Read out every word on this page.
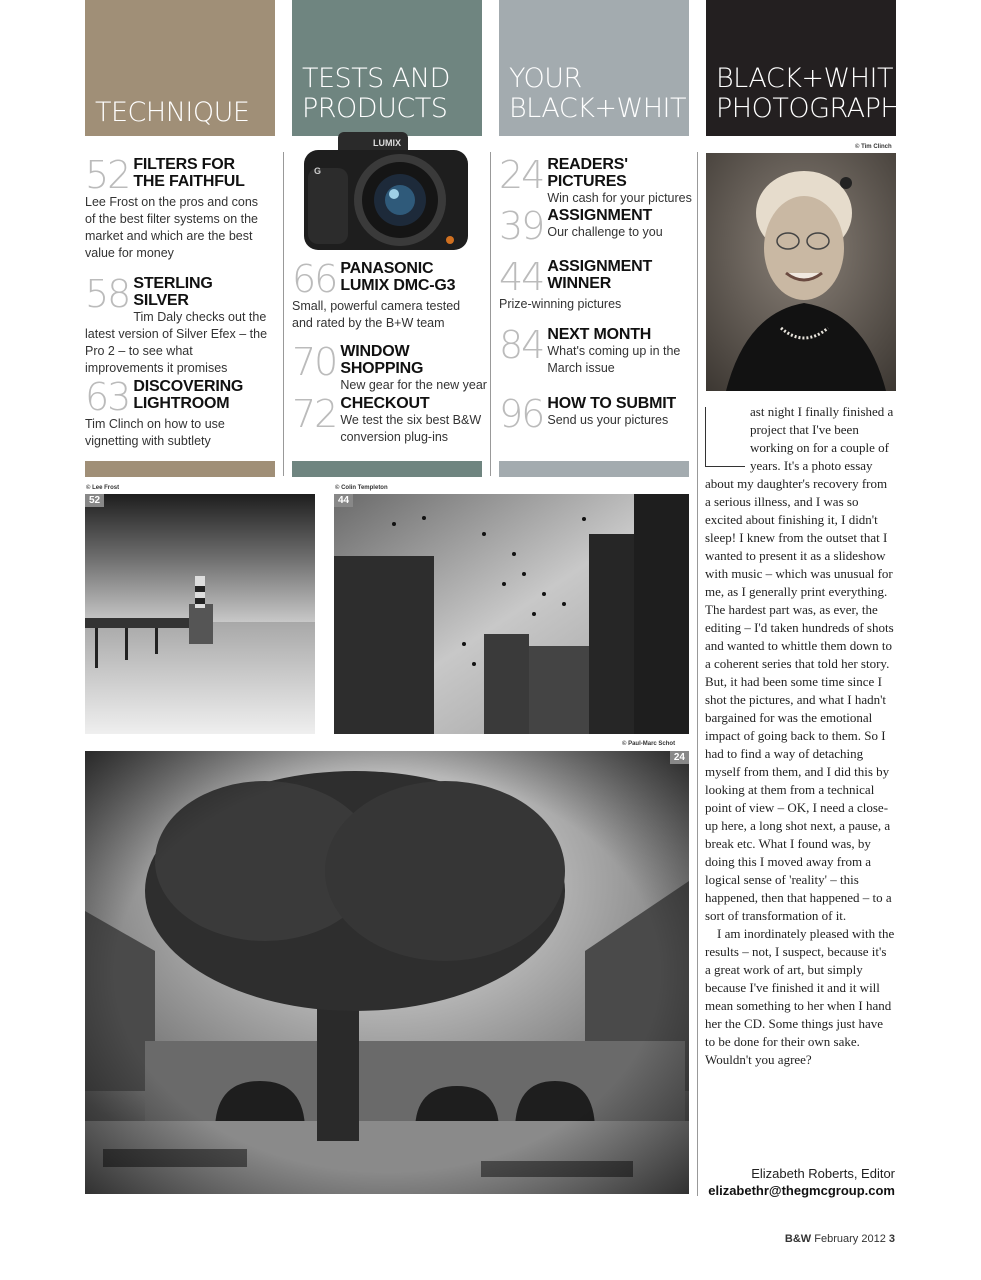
TECHNIQUE
TESTS AND
PRODUCTS
YOUR
BLACK+WHITE
BLACK+WHITE
PHOTOGRAPHY
52 FILTERS FOR THE FAITHFUL
Lee Frost on the pros and cons of the best filter systems on the market and which are the best value for money
58 STERLING SILVER
Tim Daly checks out the latest version of Silver Efex – the Pro 2 – to see what improvements it promises
63 DISCOVERING LIGHTROOM
Tim Clinch on how to use vignetting with subtlety
LUMIX
G
66 PANASONIC LUMIX DMC-G3
Small, powerful camera tested and rated by the B+W team
70 WINDOW SHOPPING
New gear for the new year
72 CHECKOUT
We test the six best B&W conversion plug-ins
24 READERS' PICTURES
Win cash for your pictures
39 ASSIGNMENT
Our challenge to you
44 ASSIGNMENT WINNER
Prize-winning pictures
84 NEXT MONTH
What's coming up in the March issue
96 HOW TO SUBMIT
Send us your pictures
© Tim Clinch
© Lee Frost
52
© Colin Templeton
44
© Paul-Marc Schot
24

ast night I finally finished a project that I've been working on for a couple of years. It's a photo essay about my daughter's recovery from a serious illness, and I was so excited about finishing it, I didn't sleep! I knew from the outset that I wanted to present it as a slideshow with music – which was unusual for me, as I generally print everything. The hardest part was, as ever, the editing – I'd taken hundreds of shots and wanted to whittle them down to a coherent series that told her story. But, it had been some time since I shot the pictures, and what I hadn't bargained for was the emotional impact of going back to them. So I had to find a way of detaching myself from them, and I did this by looking at them from a technical point of view – OK, I need a close-up here, a long shot next, a pause, a break etc. What I found was, by doing this I moved away from a logical sense of 'reality' – this happened, then that happened – to a sort of transformation of it.

I am inordinately pleased with the results – not, I suspect, because it's a great work of art, but simply because I've finished it and it will mean something to her when I hand her the CD. Some things just have to be done for their own sake. Wouldn't you agree?

Elizabeth Roberts, Editor
elizabethr@thegmcgroup.com
B&W February 2012 3
